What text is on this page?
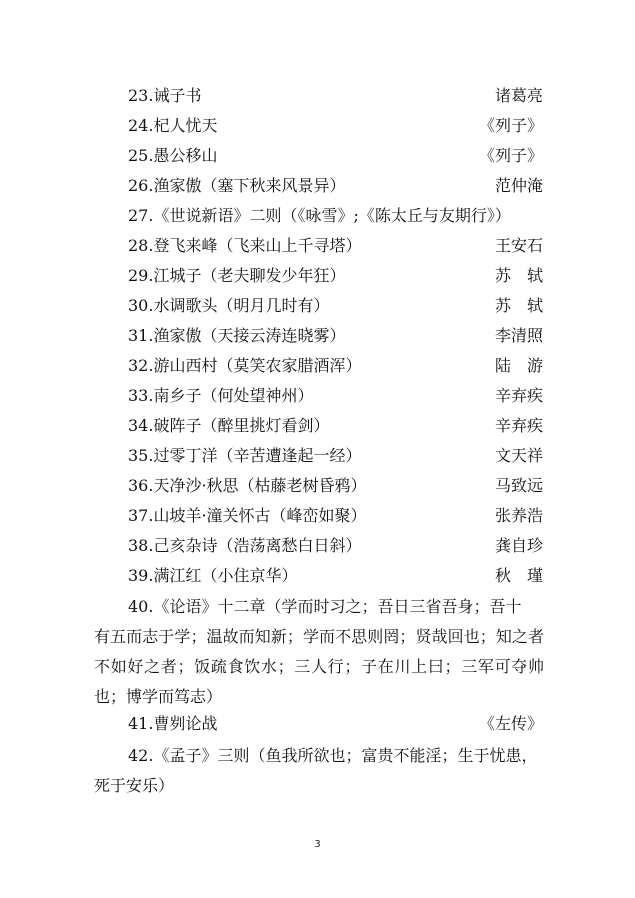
23.诫子书	诸葛亮
24.杞人忧天	《列子》
25.愚公移山	《列子》
26.渔家傲（塞下秋来风景异）	范仲淹
27.《世说新语》二则（《咏雪》;《陈太丘与友期行》）
28.登飞来峰（飞来山上千寻塔）	王安石
29.江城子（老夫聊发少年狂）	苏　轼
30.水调歌头（明月几时有）	苏　轼
31.渔家傲（天接云涛连晓雾）	李清照
32.游山西村（莫笑农家腊酒浑）	陆　游
33.南乡子（何处望神州）	辛弃疾
34.破阵子（醉里挑灯看剑）	辛弃疾
35.过零丁洋（辛苦遭逢起一经）	文天祥
36.天净沙·秋思（枯藤老树昏鸦）	马致远
37.山坡羊·潼关怀古（峰峦如聚）	张养浩
38.己亥杂诗（浩荡离愁白日斜）	龚自珍
39.满江红（小住京华）	秋　瑾
40.《论语》十二章（学而时习之；吾日三省吾身；吾十
有五而志于学；温故而知新；学而不思则罔；贤哉回也；知之者不如好之者；饭疏食饮水；三人行；子在川上曰；三军可夺帅也；博学而笃志）
41.曹刿论战	《左传》
42.《孟子》三则（鱼我所欲也；富贵不能淫；生于忧患，
死于安乐）
3
